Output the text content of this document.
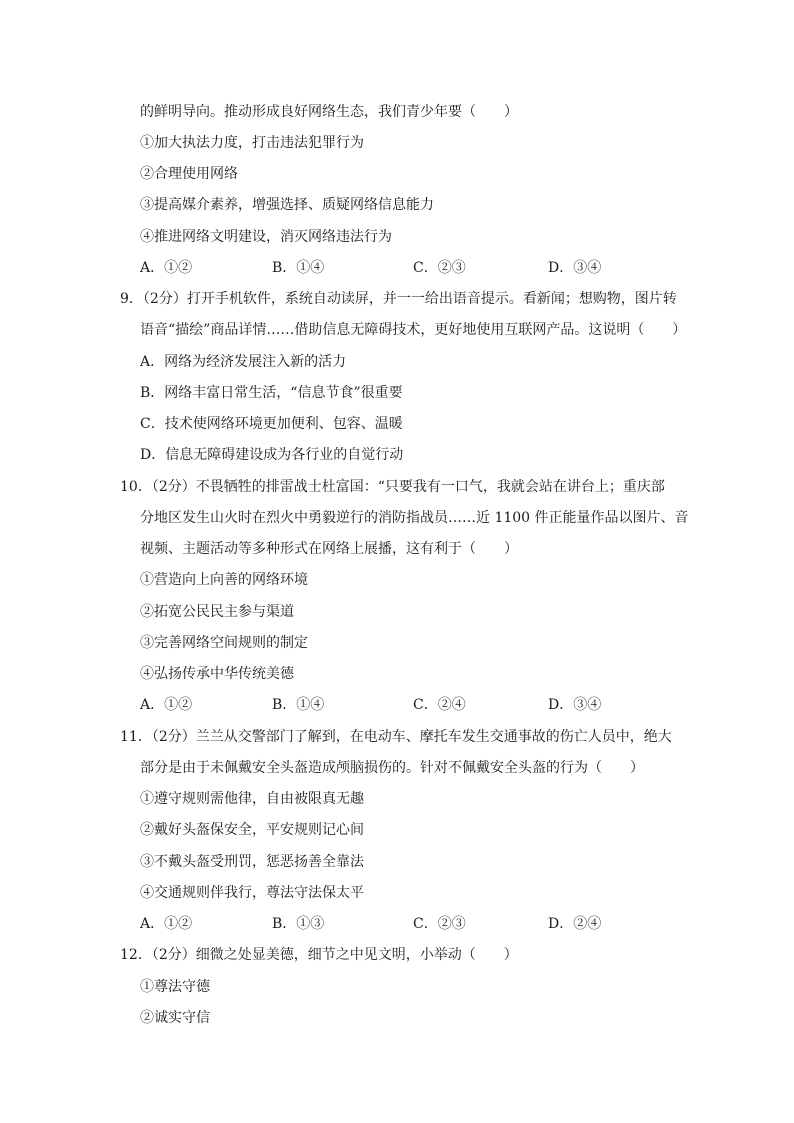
的鲜明导向。推动形成良好网络生态，我们青少年要（　　）
①加大执法力度，打击违法犯罪行为
②合理使用网络
③提高媒介素养，增强选择、质疑网络信息能力
④推进网络文明建设，消灭网络违法行为
A．①②	B．①④	C．②③	D．③④
9．（2分）打开手机软件，系统自动读屏，并一一给出语音提示。看新闻；想购物，图片转
语音“描绘”商品详情……借助信息无障碍技术，更好地使用互联网产品。这说明（　　）
A．网络为经济发展注入新的活力
B．网络丰富日常生活，“信息节食”很重要
C．技术使网络环境更加便利、包容、温暖
D．信息无障碍建设成为各行业的自觉行动
10．（2分）不畏牺牲的排雷战士杜富国：“只要我有一口气，我就会站在讲台上；重庆部
分地区发生山火时在烈火中勇毅逆行的消防指战员……近 1100 件正能量作品以图片、音
视频、主题活动等多种形式在网络上展播，这有利于（　　）
①营造向上向善的网络环境
②拓宽公民民主参与渠道
③完善网络空间规则的制定
④弘扬传承中华传统美德
A．①②	B．①④	C．②④	D．③④
11．（2分）兰兰从交警部门了解到，在电动车、摩托车发生交通事故的伤亡人员中，绝大
部分是由于未佩戴安全头盔造成颅脑损伤的。针对不佩戴安全头盔的行为（　　）
①遵守规则需他律，自由被限真无趣
②戴好头盔保安全，平安规则记心间
③不戴头盔受刑罚，惩恶扬善全靠法
④交通规则伴我行，尊法守法保太平
A．①②	B．①③	C．②③	D．②④
12．（2分）细微之处显美德，细节之中见文明，小举动（　　）
①尊法守德
②诚实守信
